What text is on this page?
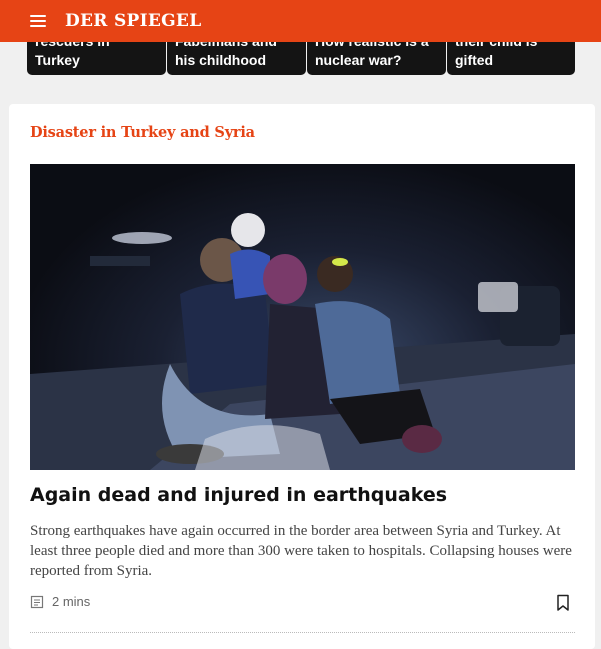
DER SPIEGEL
Turkey	his childhood	nuclear war?	gifted
Disaster in Turkey and Syria
Again dead and injured in earthquakes
Strong earthquakes have again occurred in the border area between Syria and Turkey. At least three people died and more than 300 were taken to hospitals. Collapsing houses were reported from Syria.
2 mins
